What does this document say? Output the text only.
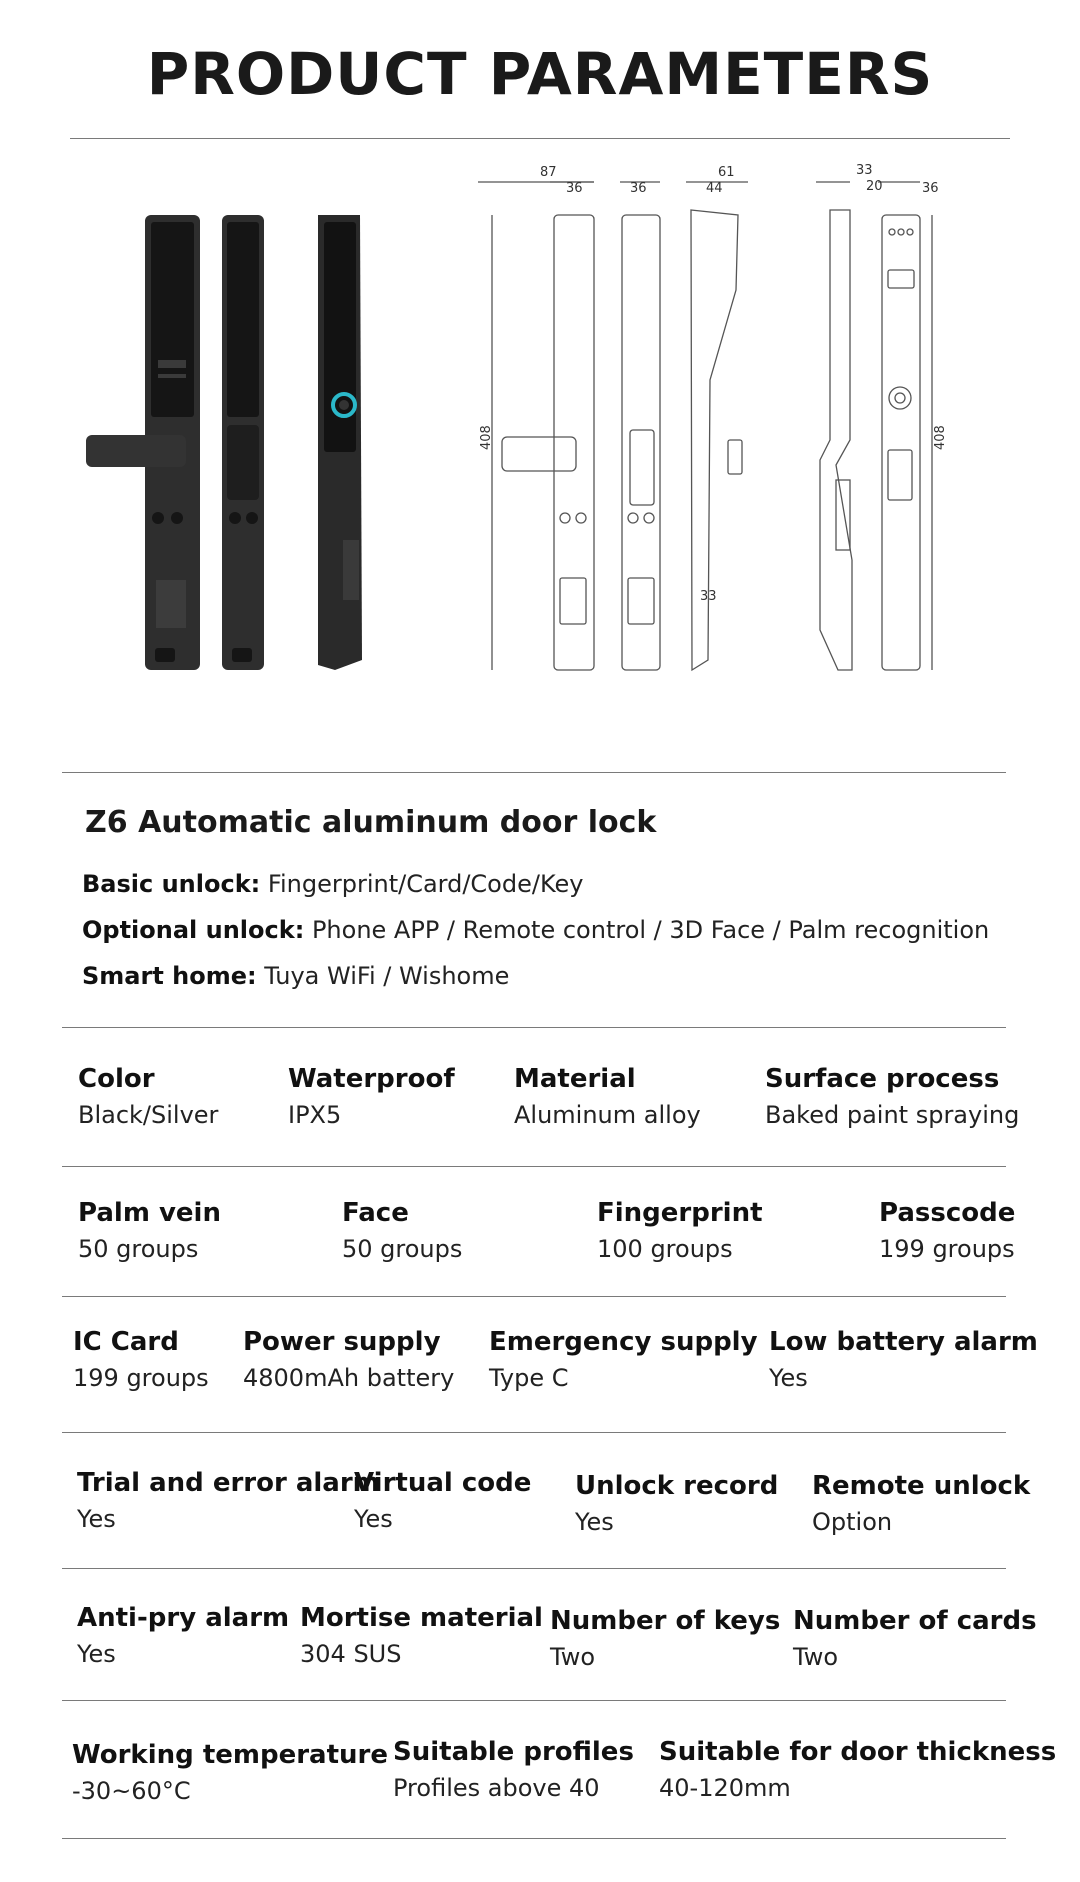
PRODUCT PARAMETERS
87
36	36
61
44
33
20	36
408	408
33
Z6 Automatic aluminum door lock
Basic unlock: Fingerprint/Card/Code/Key
Optional unlock: Phone APP / Remote control / 3D Face / Palm recognition
Smart home: Tuya WiFi / Wishome
Color
Black/Silver
Waterproof
IPX5
Material
Aluminum alloy
Surface process
Baked paint spraying
Palm vein
50 groups
Face
50 groups
Fingerprint
100 groups
Passcode
199 groups
IC Card
199 groups
Power supply
4800mAh battery
Emergency supply
Type C
Low battery alarm
Yes
Trial and error alarm
Yes
Virtual code
Yes
Unlock record
Yes
Remote unlock
Option
Anti-pry alarm
Yes
Mortise material
304 SUS
Number of keys
Two
Number of cards
Two
Working temperature
-30~60°C
Suitable profiles
Profiles above 40
Suitable for door thickness
40-120mm
